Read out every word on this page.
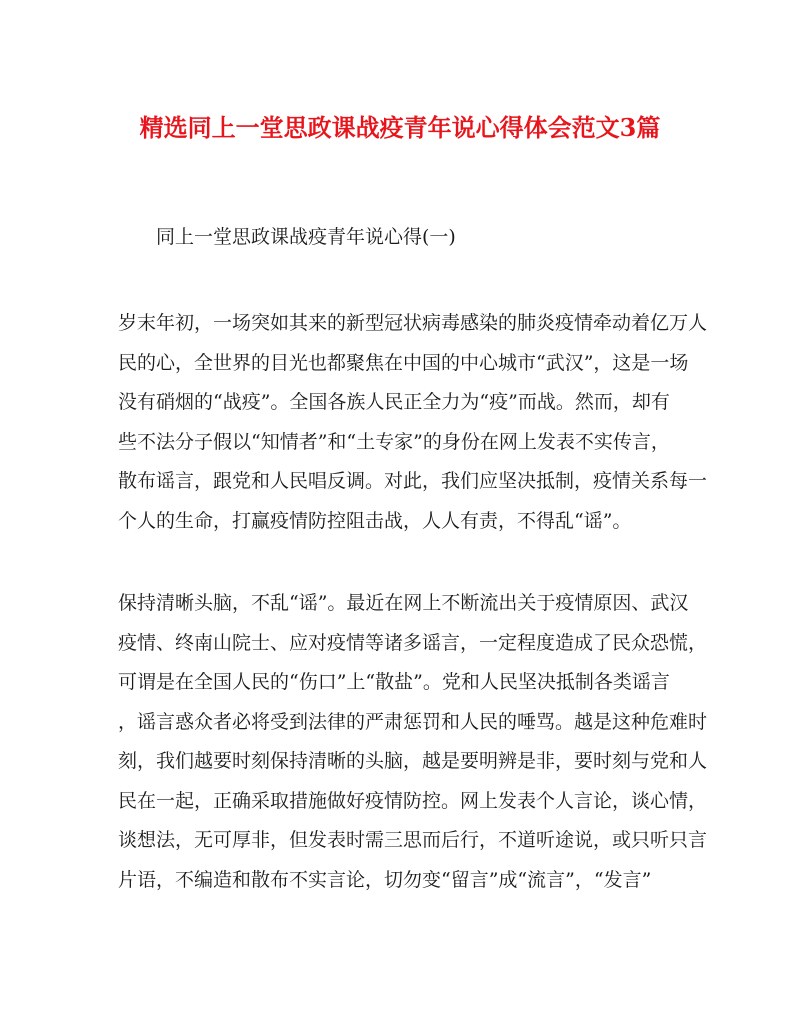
精选同上一堂思政课战疫青年说心得体会范文3篇

同上一堂思政课战疫青年说心得(一)

岁末年初，一场突如其来的新型冠状病毒感染的肺炎疫情牵动着亿万人
民的心，全世界的目光也都聚焦在中国的中心城市“武汉”，这是一场
没有硝烟的“战疫”。全国各族人民正全力为“疫”而战。然而，却有
些不法分子假以“知情者”和“土专家”的身份在网上发表不实传言，
散布谣言，跟党和人民唱反调。对此，我们应坚决抵制，疫情关系每一
个人的生命，打赢疫情防控阻击战，人人有责，不得乱“谣”。
保持清晰头脑，不乱“谣”。最近在网上不断流出关于疫情原因、武汉
疫情、终南山院士、应对疫情等诸多谣言，一定程度造成了民众恐慌，
可谓是在全国人民的“伤口”上“散盐”。党和人民坚决抵制各类谣言
，谣言惑众者必将受到法律的严肃惩罚和人民的唾骂。越是这种危难时
刻，我们越要时刻保持清晰的头脑，越是要明辨是非，要时刻与党和人
民在一起，正确采取措施做好疫情防控。网上发表个人言论，谈心情，
谈想法，无可厚非，但发表时需三思而后行，不道听途说，或只听只言
片语，不编造和散布不实言论，切勿变“留言”成“流言”，“发言”
